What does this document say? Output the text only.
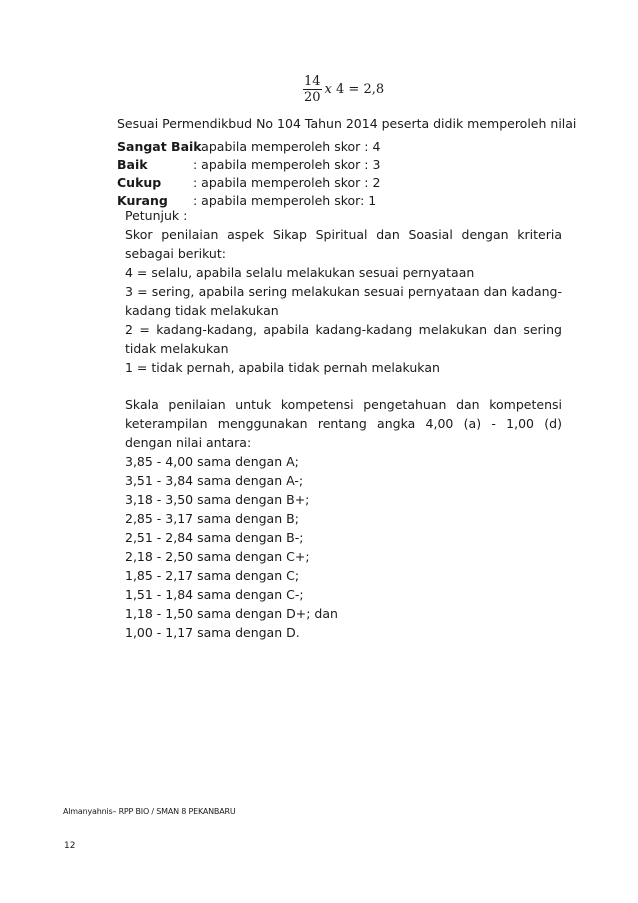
$\frac{14}{20}$ 𝑥 4 = 2,8
Sesuai Permendikbud No 104 Tahun 2014 peserta didik memperoleh nilai
Sangat Baik: apabila memperoleh skor : 4
Baik	: apabila memperoleh skor : 3
Cukup	: apabila memperoleh skor : 2
Kurang : apabila memperoleh skor: 1

Petunjuk :

Skor penilaian aspek Sikap Spiritual dan Soasial dengan kriteria sebagai berikut:

4 = selalu, apabila selalu melakukan sesuai pernyataan

3 = sering, apabila sering melakukan sesuai pernyataan dan kadang-kadang tidak melakukan

2 = kadang-kadang, apabila kadang-kadang melakukan dan sering tidak melakukan

1 = tidak pernah, apabila tidak pernah melakukan

Skala penilaian untuk kompetensi pengetahuan dan kompetensi keterampilan menggunakan rentang angka 4,00 (a) - 1,00 (d) dengan nilai antara:

3,85 - 4,00 sama dengan A;
3,51 - 3,84 sama dengan A-;
3,18 - 3,50 sama dengan B+;
2,85 - 3,17 sama dengan B;
2,51 - 2,84 sama dengan B-;
2,18 - 2,50 sama dengan C+;
1,85 - 2,17 sama dengan C;
1,51 - 1,84 sama dengan C-;
1,18 - 1,50 sama dengan D+; dan
1,00 - 1,17 sama dengan D.
Almanyahnis– RPP BIO / SMAN 8 PEKANBARU
12
